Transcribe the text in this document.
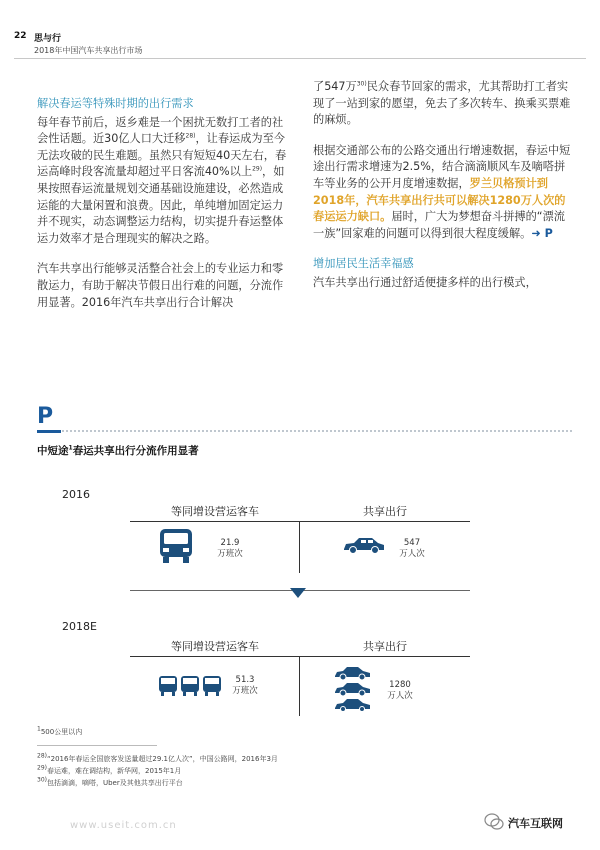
22 思与行
2018年中国汽车共享出行市场
解决春运等特殊时期的出行需求

每年春节前后，返乡难是一个困扰无数打工者的社会性话题。近30亿人口大迁移$^{28)}$，让春运成为至今无法攻破的民生难题。虽然只有短短40天左右，春运高峰时段客流量却超过平日客流40%以上$^{29)}$，如果按照春运流量规划交通基础设施建设，必然造成运能的大量闲置和浪费。因此，单纯增加固定运力并不现实，动态调整运力结构，切实提升春运整体运力效率才是合理现实的解决之路。

汽车共享出行能够灵活整合社会上的专业运力和零散运力，有助于解决节假日出行难的问题，分流作用显著。2016年汽车共享出行合计解决

了547万$^{30)}$民众春节回家的需求，尤其帮助打工者实现了一站到家的愿望，免去了多次转车、换乘买票难的麻烦。

根据交通部公布的公路交通出行增速数据，春运中短途出行需求增速为2.5%，结合滴滴顺风车及嘀嗒拼车等业务的公开月度增速数据，罗兰贝格预计到2018年，汽车共享出行共可以解决1280万人次的春运运力缺口。届时，广大为梦想奋斗拼搏的“漂流一族”回家难的问题可以得到很大程度缓解。➜ P

增加居民生活幸福感

汽车共享出行通过舒适便捷多样的出行模式，

P
中短途$^1$春运共享出行分流作用显著
2016
等同增设营运客车	共享出行
21.9
万班次
547
万人次
2018E
等同增设营运客车	共享出行
51.3
万班次
1280
万人次
1500公里以内
28)“2016年春运全国旅客发送量超过29.1亿人次”，中国公路网，2016年3月
29)春运难，难在调结构，新华网，2015年1月
30)包括滴滴，嘀嗒，Uber及其他共享出行平台
www.useit.com.cn	汽车互联网
